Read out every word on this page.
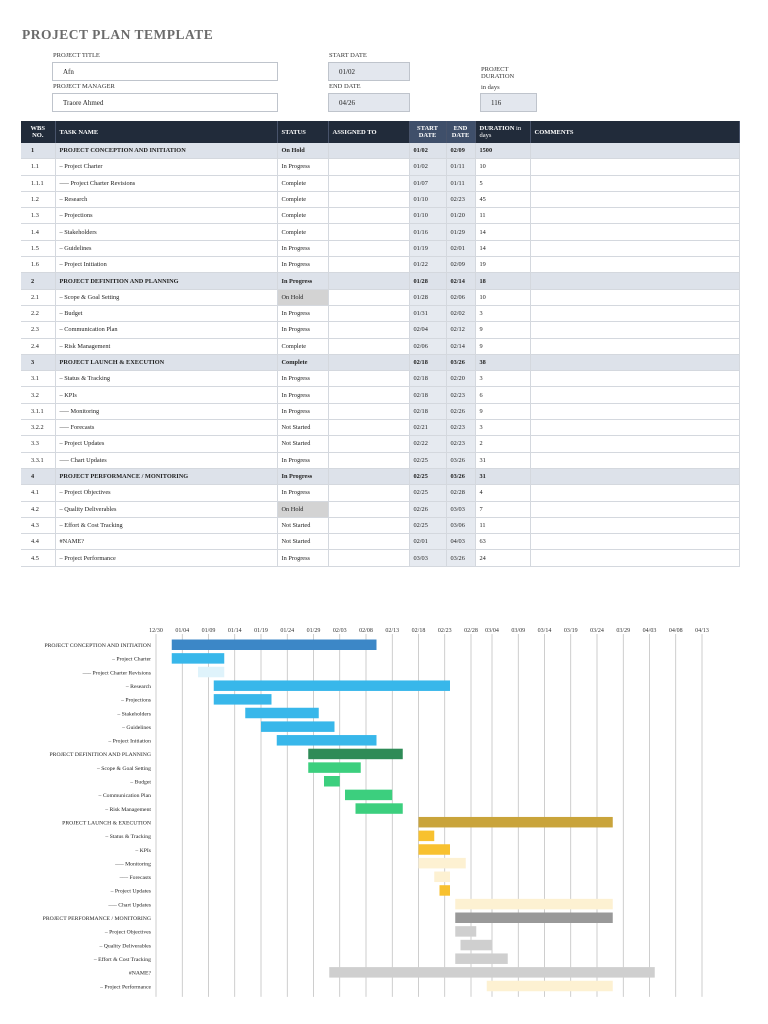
PROJECT PLAN TEMPLATE
PROJECT TITLE
Afn
START DATE
01/02	PROJECT DURATION
in days
PROJECT MANAGER
Traore Ahmed
END DATE
04/26	116
WBS NO.	TASK NAME	STATUS	ASSIGNED TO	START DATE	END DATE	DURATION in days	COMMENTS
1	PROJECT CONCEPTION AND INITIATION	On Hold		01/02	02/09	1500	
1.1	– Project Charter	In Progress		01/02	01/11	10	
1.1.1	––– Project Charter Revisions	Complete		01/07	01/11	5	
1.2	– Research	Complete		01/10	02/23	45	
1.3	– Projections	Complete		01/10	01/20	11	
1.4	– Stakeholders	Complete		01/16	01/29	14	
1.5	– Guidelines	In Progress		01/19	02/01	14	
1.6	– Project Initiation	In Progress		01/22	02/09	19	
2	PROJECT DEFINITION AND PLANNING	In Progress		01/28	02/14	18	
2.1	– Scope & Goal Setting	On Hold		01/28	02/06	10	
2.2	– Budget	In Progress		01/31	02/02	3	
2.3	– Communication Plan	In Progress		02/04	02/12	9	
2.4	– Risk Management	Complete		02/06	02/14	9	
3	PROJECT LAUNCH & EXECUTION	Complete		02/18	03/26	38	
3.1	– Status & Tracking	In Progress		02/18	02/20	3	
3.2	– KPIs	In Progress		02/18	02/23	6	
3.1.1	––– Monitoring	In Progress		02/18	02/26	9	
3.2.2	––– Forecasts	Not Started		02/21	02/23	3	
3.3	– Project Updates	Not Started		02/22	02/23	2	
3.3.1	––– Chart Updates	In Progress		02/25	03/26	31	
4	PROJECT PERFORMANCE / MONITORING	In Progress		02/25	03/26	31	
4.1	– Project Objectives	In Progress		02/25	02/28	4	
4.2	– Quality Deliverables	On Hold		02/26	03/03	7	
4.3	– Effort & Cost Tracking	Not Started		02/25	03/06	11	
4.4	#NAME?	Not Started		02/01	04/03	63	
4.5	– Project Performance	In Progress		03/03	03/26	24	
12/30 01/04 01/09 01/14 01/19 01/24 01/29 02/03 02/08 02/13 02/18 02/23 02/28 03/04 03/09 03/14 03/19 03/24 03/29 04/03 04/08 04/13
PROJECT CONCEPTION AND INITIATION
– Project Charter
––– Project Charter Revisions
– Research
– Projections
– Stakeholders
– Guidelines
– Project Initiation
PROJECT DEFINITION AND PLANNING
– Scope & Goal Setting
– Budget
– Communication Plan
– Risk Management
PROJECT LAUNCH & EXECUTION
– Status & Tracking
– KPIs
––– Monitoring
––– Forecasts
– Project Updates
––– Chart Updates
PROJECT PERFORMANCE / MONITORING
– Project Objectives
– Quality Deliverables
– Effort & Cost Tracking
#NAME?
– Project Performance
